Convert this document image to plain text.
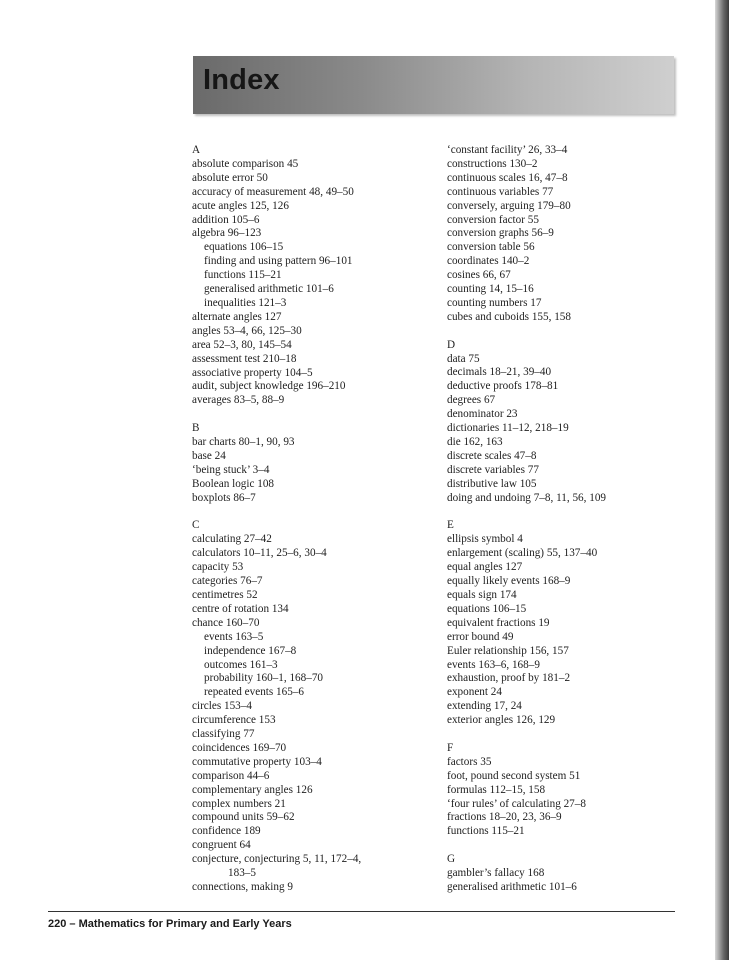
Index
A
absolute comparison 45
absolute error 50
accuracy of measurement 48, 49–50
acute angles 125, 126
addition 105–6
algebra 96–123
equations 106–15
finding and using pattern 96–101
functions 115–21
generalised arithmetic 101–6
inequalities 121–3
alternate angles 127
angles 53–4, 66, 125–30
area 52–3, 80, 145–54
assessment test 210–18
associative property 104–5
audit, subject knowledge 196–210
averages 83–5, 88–9
B
bar charts 80–1, 90, 93
base 24
‘being stuck’ 3–4
Boolean logic 108
boxplots 86–7
C
calculating 27–42
calculators 10–11, 25–6, 30–4
capacity 53
categories 76–7
centimetres 52
centre of rotation 134
chance 160–70
events 163–5
independence 167–8
outcomes 161–3
probability 160–1, 168–70
repeated events 165–6
circles 153–4
circumference 153
classifying 77
coincidences 169–70
commutative property 103–4
comparison 44–6
complementary angles 126
complex numbers 21
compound units 59–62
confidence 189
congruent 64
conjecture, conjecturing 5, 11, 172–4,
183–5
connections, making 9
‘constant facility’ 26, 33–4
constructions 130–2
continuous scales 16, 47–8
continuous variables 77
conversely, arguing 179–80
conversion factor 55
conversion graphs 56–9
conversion table 56
coordinates 140–2
cosines 66, 67
counting 14, 15–16
counting numbers 17
cubes and cuboids 155, 158
D
data 75
decimals 18–21, 39–40
deductive proofs 178–81
degrees 67
denominator 23
dictionaries 11–12, 218–19
die 162, 163
discrete scales 47–8
discrete variables 77
distributive law 105
doing and undoing 7–8, 11, 56, 109
E
ellipsis symbol 4
enlargement (scaling) 55, 137–40
equal angles 127
equally likely events 168–9
equals sign 174
equations 106–15
equivalent fractions 19
error bound 49
Euler relationship 156, 157
events 163–6, 168–9
exhaustion, proof by 181–2
exponent 24
extending 17, 24
exterior angles 126, 129
F
factors 35
foot, pound second system 51
formulas 112–15, 158
‘four rules’ of calculating 27–8
fractions 18–20, 23, 36–9
functions 115–21
G
gambler’s fallacy 168
generalised arithmetic 101–6
220 – Mathematics for Primary and Early Years
